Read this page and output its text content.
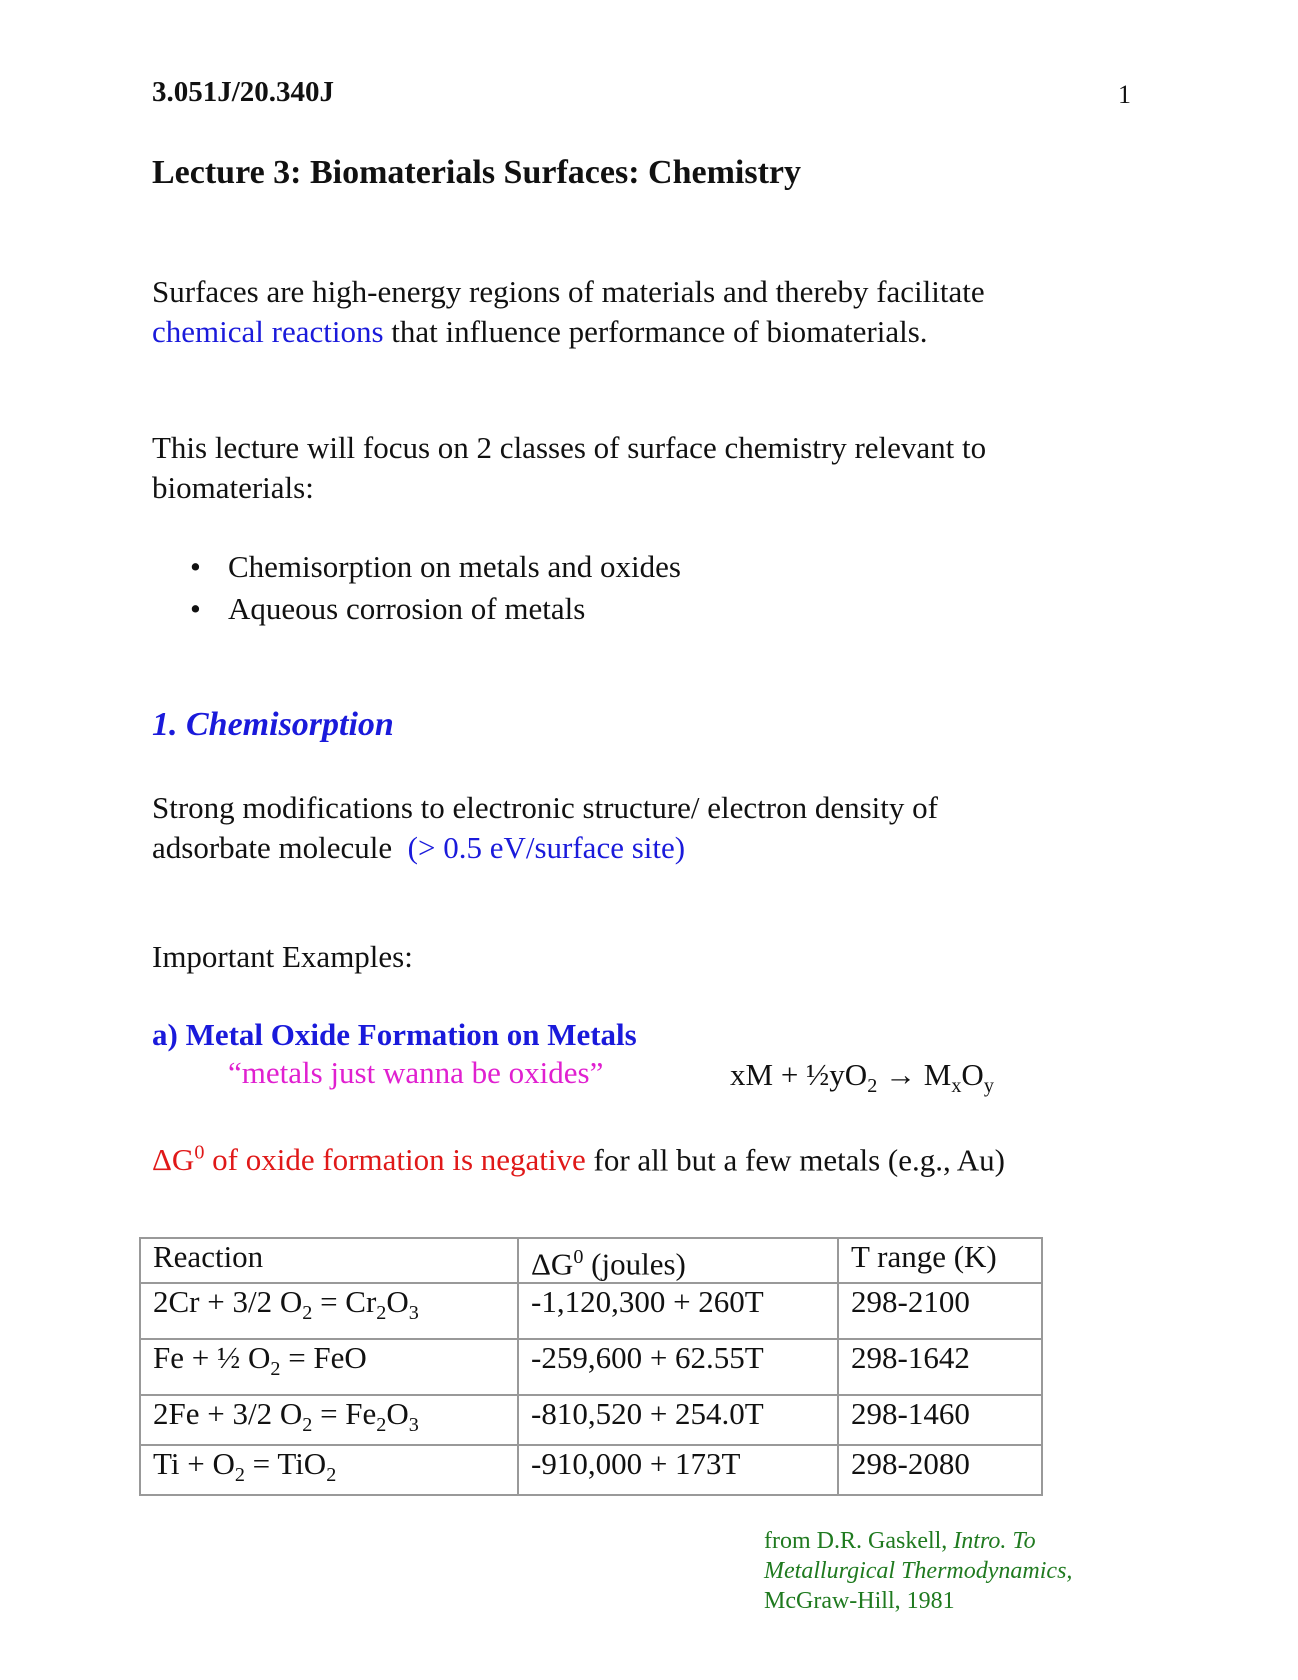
3.051J/20.340J	1
Lecture 3: Biomaterials Surfaces: Chemistry
Surfaces are high-energy regions of materials and thereby facilitate
chemical reactions that influence performance of biomaterials.
This lecture will focus on 2 classes of surface chemistry relevant to
biomaterials:
• Chemisorption on metals and oxides
• Aqueous corrosion of metals
1. Chemisorption
Strong modifications to electronic structure/ electron density of
adsorbate molecule (> 0.5 eV/surface site)
Important Examples:
a) Metal Oxide Formation on Metals
“metals just wanna be oxides”	xM + $\frac{1}{2}yO_2 \to M_xO_y$
$\Delta G^0$ of oxide formation is negative for all but a few metals (e.g., Au)
Reaction	$\Delta G^0$ (joules)	T range (K)
2Cr + 3/2 $O_2 = Cr_2O_3$	-1,120,300 + 260T	298-2100
Fe + ½ $O_2$ = FeO	-259,600 + 62.55T	298-1642
2Fe + 3/2 $O_2 = Fe_2O_3$	-810,520 + 254.0T	298-1460
$Ti + O_2 = TiO_2$	-910,000 + 173T	298-2080
from D.R. Gaskell, Intro. To
Metallurgical Thermodynamics,
McGraw-Hill, 1981
